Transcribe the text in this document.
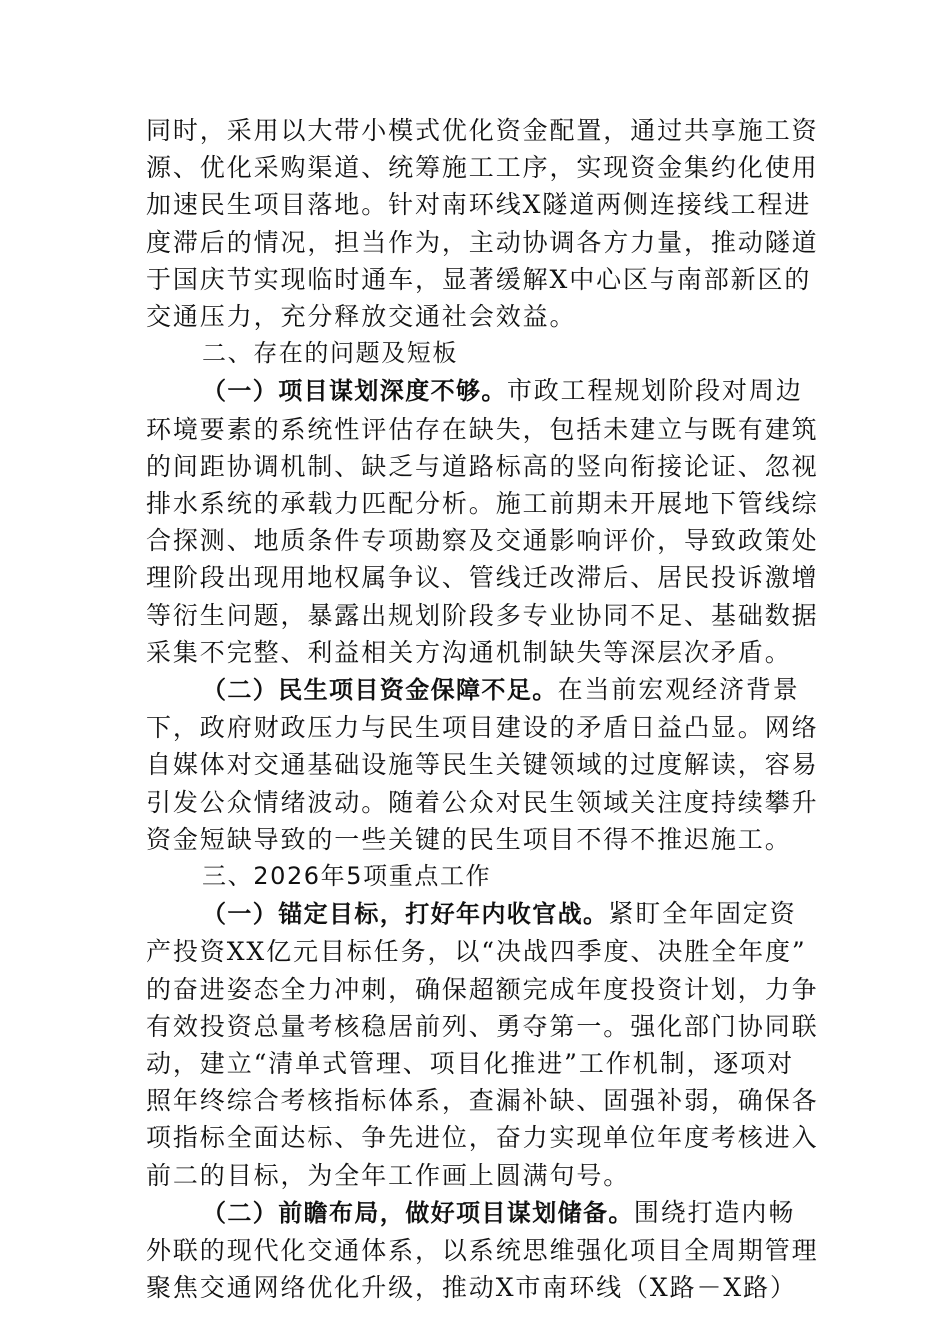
同时，采用以大带小模式优化资金配置，通过共享施工资
源、优化采购渠道、统筹施工工序，实现资金集约化使用
加速民生项目落地。针对南环线X隧道两侧连接线工程进
度滞后的情况，担当作为，主动协调各方力量，推动隧道
于国庆节实现临时通车，显著缓解X中心区与南部新区的
交通压力，充分释放交通社会效益。

二、存在的问题及短板

（一）项目谋划深度不够。市政工程规划阶段对周边
环境要素的系统性评估存在缺失，包括未建立与既有建筑
的间距协调机制、缺乏与道路标高的竖向衔接论证、忽视
排水系统的承载力匹配分析。施工前期未开展地下管线综
合探测、地质条件专项勘察及交通影响评价，导致政策处
理阶段出现用地权属争议、管线迁改滞后、居民投诉激增
等衍生问题，暴露出规划阶段多专业协同不足、基础数据
采集不完整、利益相关方沟通机制缺失等深层次矛盾。

（二）民生项目资金保障不足。在当前宏观经济背景
下，政府财政压力与民生项目建设的矛盾日益凸显。网络
自媒体对交通基础设施等民生关键领域的过度解读，容易
引发公众情绪波动。随着公众对民生领域关注度持续攀升
资金短缺导致的一些关键的民生项目不得不推迟施工。

三、2026年5项重点工作

（一）锚定目标，打好年内收官战。紧盯全年固定资
产投资XX亿元目标任务，以“决战四季度、决胜全年度”
的奋进姿态全力冲刺，确保超额完成年度投资计划，力争
有效投资总量考核稳居前列、勇夺第一。强化部门协同联
动，建立“清单式管理、项目化推进”工作机制，逐项对
照年终综合考核指标体系，查漏补缺、固强补弱，确保各
项指标全面达标、争先进位，奋力实现单位年度考核进入
前二的目标，为全年工作画上圆满句号。

（二）前瞻布局，做好项目谋划储备。围绕打造内畅
外联的现代化交通体系，以系统思维强化项目全周期管理
聚焦交通网络优化升级，推动X市南环线（X路－X路）
